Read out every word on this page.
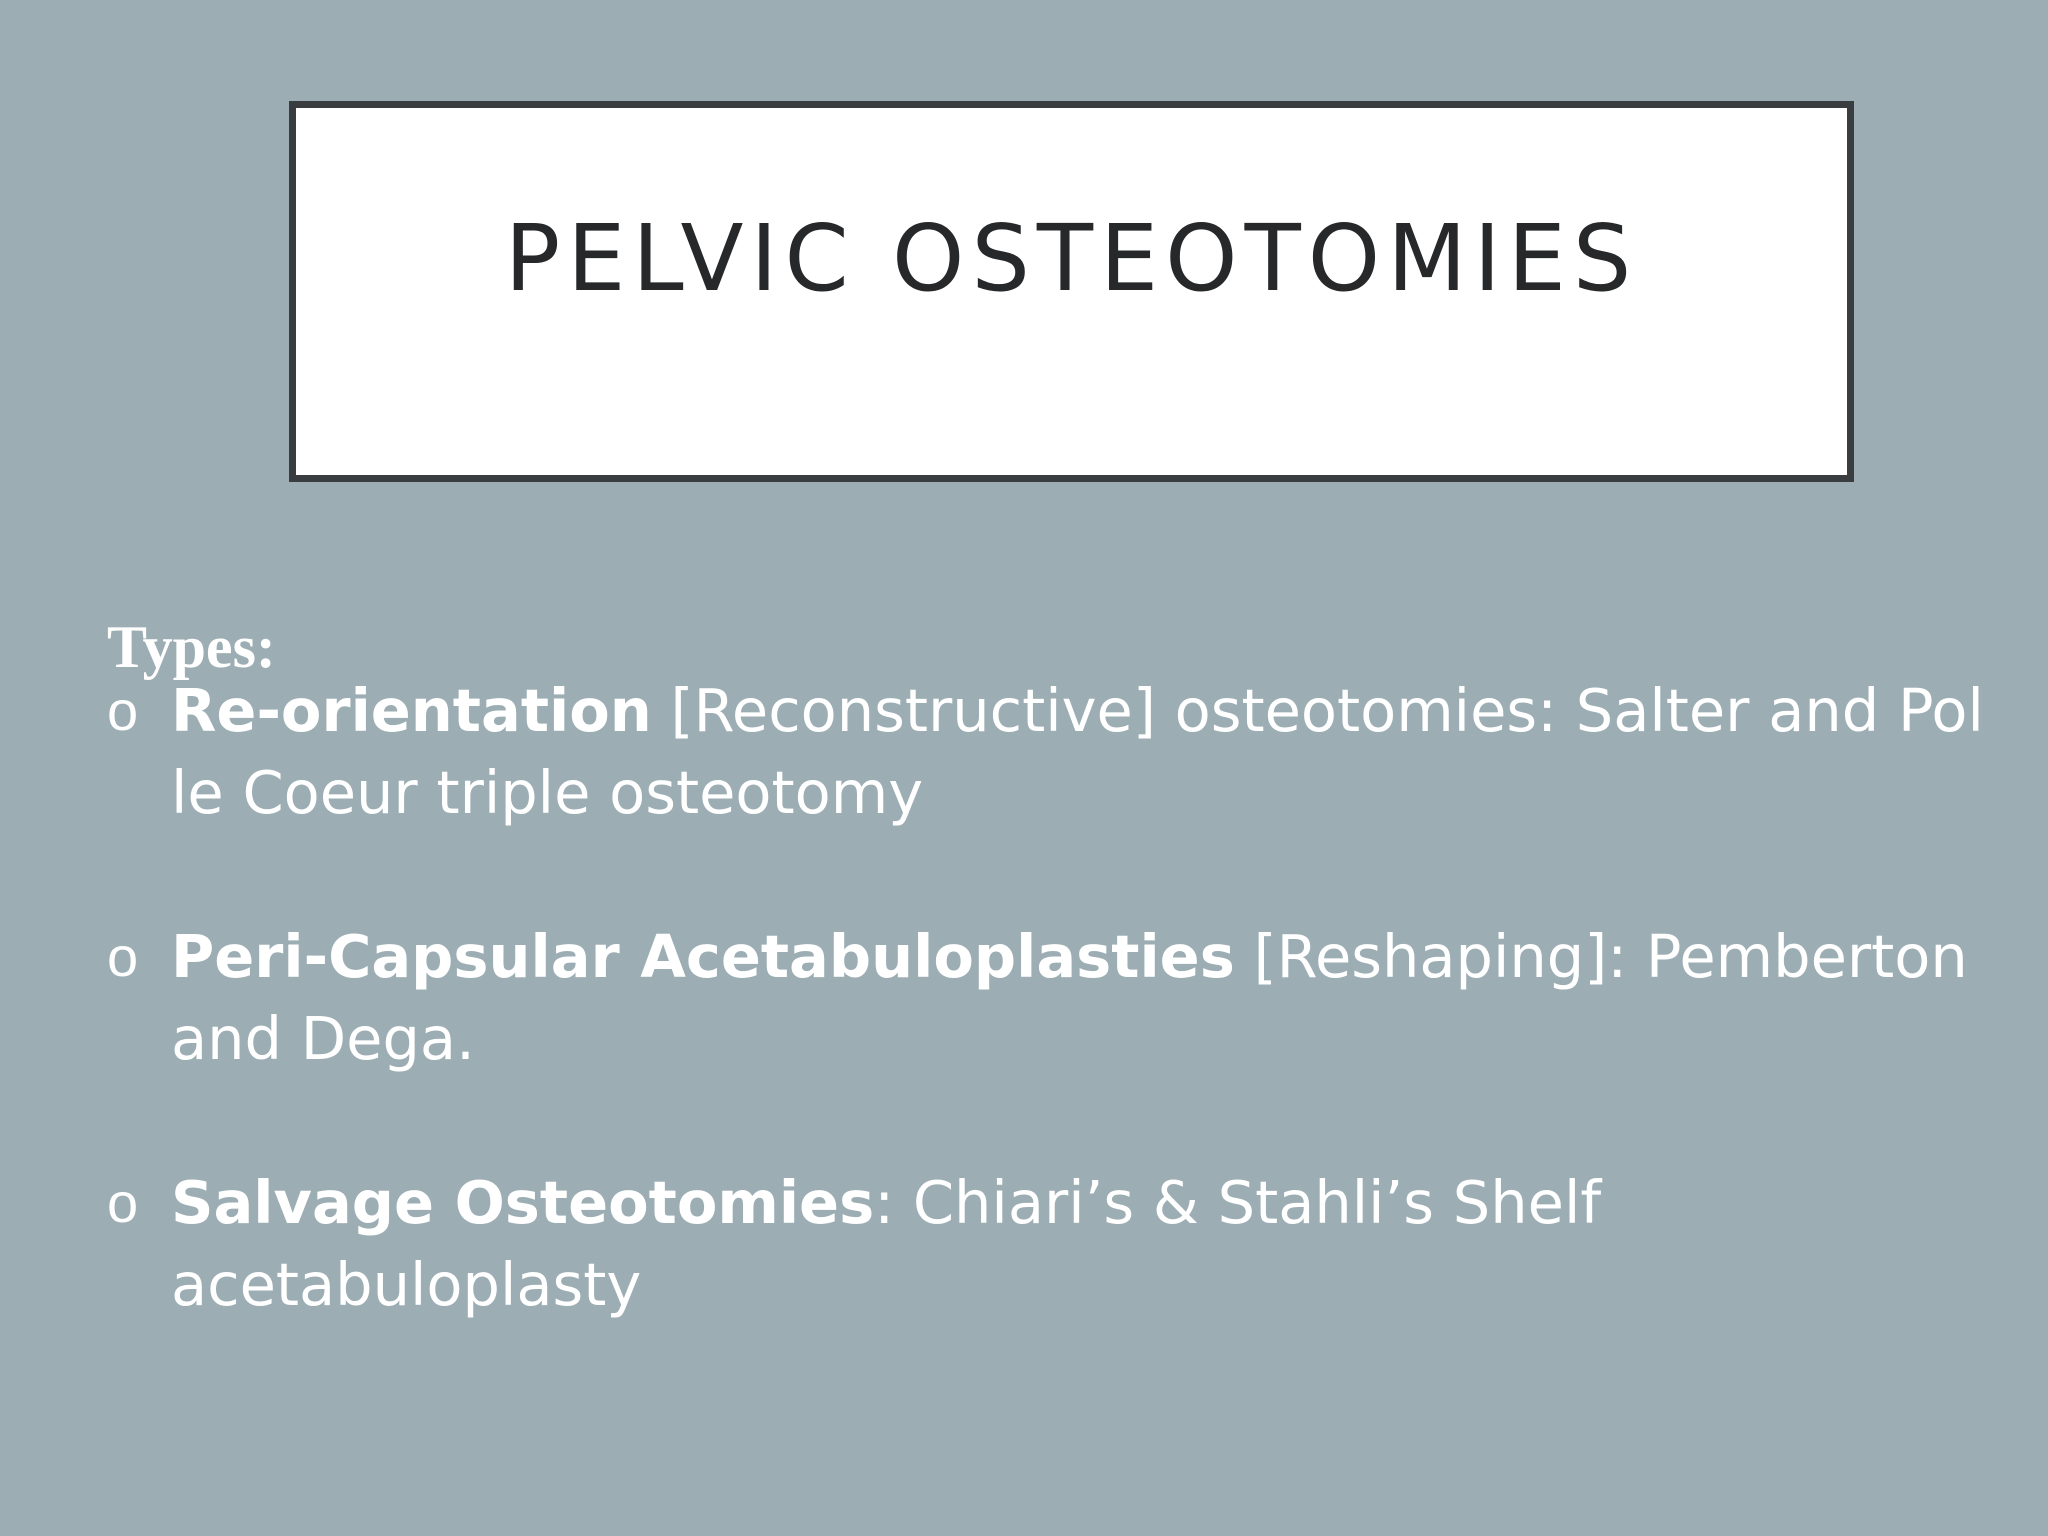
PELVIC OSTEOTOMIES
Types:
o Re-orientation [Reconstructive] osteotomies: Salter and Pol le Coeur triple osteotomy
o Peri-Capsular Acetabuloplasties [Reshaping]: Pemberton and Dega.
o Salvage Osteotomies: Chiari’s & Stahli’s Shelf acetabuloplasty
